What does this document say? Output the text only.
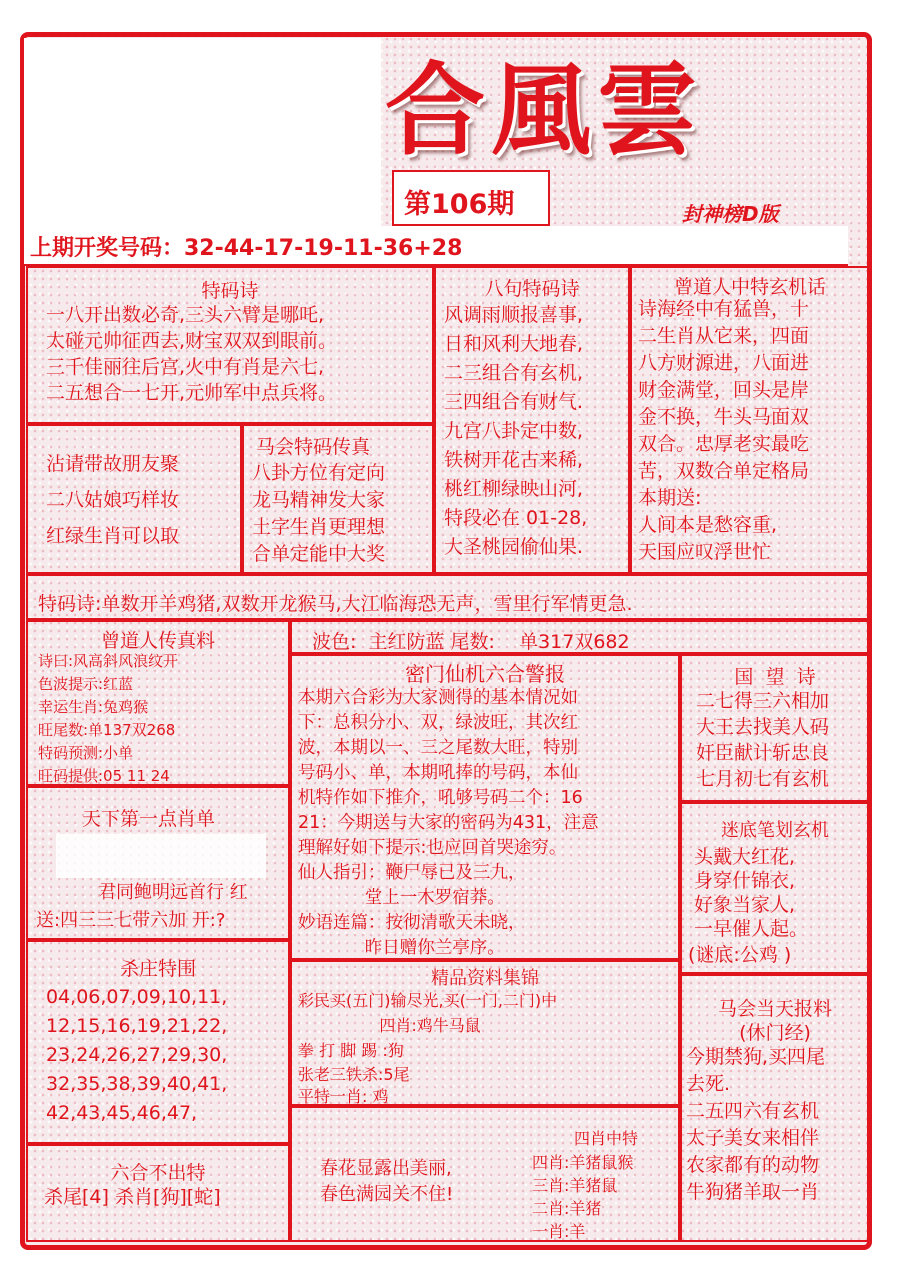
合風雲
第106期	封神榜D版
上期开奖号码：32-44-17-19-11-36+28
特码诗
一八开出数必奇,三头六臂是哪吒,
太碰元帅征西去,财宝双双到眼前。
三千佳丽往后宫,火中有肖是六七,
二五想合一七开,元帅军中点兵将。
八句特码诗
风调雨顺报喜事,
日和风利大地春,
二三组合有玄机,
三四组合有财气.
九宫八卦定中数,
铁树开花古来稀,
桃红柳绿映山河,
特段必在 01-28,
大圣桃园偷仙果.
曾道人中特玄机话
诗海经中有猛兽，十
二生肖从它来，四面
八方财源进，八面进
财金满堂，回头是岸
金不换，牛头马面双
双合。忠厚老实最吃
苦，双数合单定格局
本期送:
人间本是愁容重,
天国应叹浮世忙
沾请带故朋友聚
二八姑娘巧样妆
红绿生肖可以取
马会特码传真
八卦方位有定向
龙马精神发大家
土字生肖更理想
合单定能中大奖
特码诗:单数开羊鸡猪,双数开龙猴马,大江临海恐无声，雪里行军情更急.
曾道人传真料
诗曰:风高斜风浪纹开
色波提示:红蓝
幸运生肖:兔鸡猴
旺尾数:单137双268
特码预测:小单
旺码提供:05 11 24
天下第一点肖单
君同鲍明远首行 红
送:四三三七带六加 开:?
杀庄特围
04,06,07,09,10,11,
12,15,16,19,21,22,
23,24,26,27,29,30,
32,35,38,39,40,41,
42,43,45,46,47,
六合不出特
杀尾[4] 杀肖[狗][蛇]
波色:  主红防蓝 尾数:    单317双682
密门仙机六合警报
本期六合彩为大家测得的基本情况如
下：总积分小、双，绿波旺，其次红
波，本期以一、三之尾数大旺，特别
号码小、单，本期吼捧的号码，本仙
机特作如下推介，吼够号码二个：16
21：今期送与大家的密码为431，注意
理解好如下提示:也应回首哭途穷。
仙人指引：鞭尸辱已及三九，
堂上一木罗宿莽。
妙语连篇：按彻清歌天未晓，
昨日赠你兰亭序。
精品资料集锦
彩民买(五门)输尽光,买(一门,二门)中
四肖:鸡牛马鼠
拳 打 脚 踢 :狗
张老三铁杀:5尾
平特一肖: 鸡
春花显露出美丽,
春色满园关不住!
四肖中特
四肖:羊猪鼠猴
三肖:羊猪鼠
二肖:羊猪
一肖:羊
国  望  诗
二七得三六相加
大王去找美人码
奸臣献计斩忠良
七月初七有玄机
迷底笔划玄机
头戴大红花,
身穿什锦衣,
好象当家人,
一早催人起。
(谜底:公鸡 )
马会当天报料
(休门经)
今期禁狗,买四尾
去死.
二五四六有玄机
太子美女来相伴
农家都有的动物
牛狗猪羊取一肖
